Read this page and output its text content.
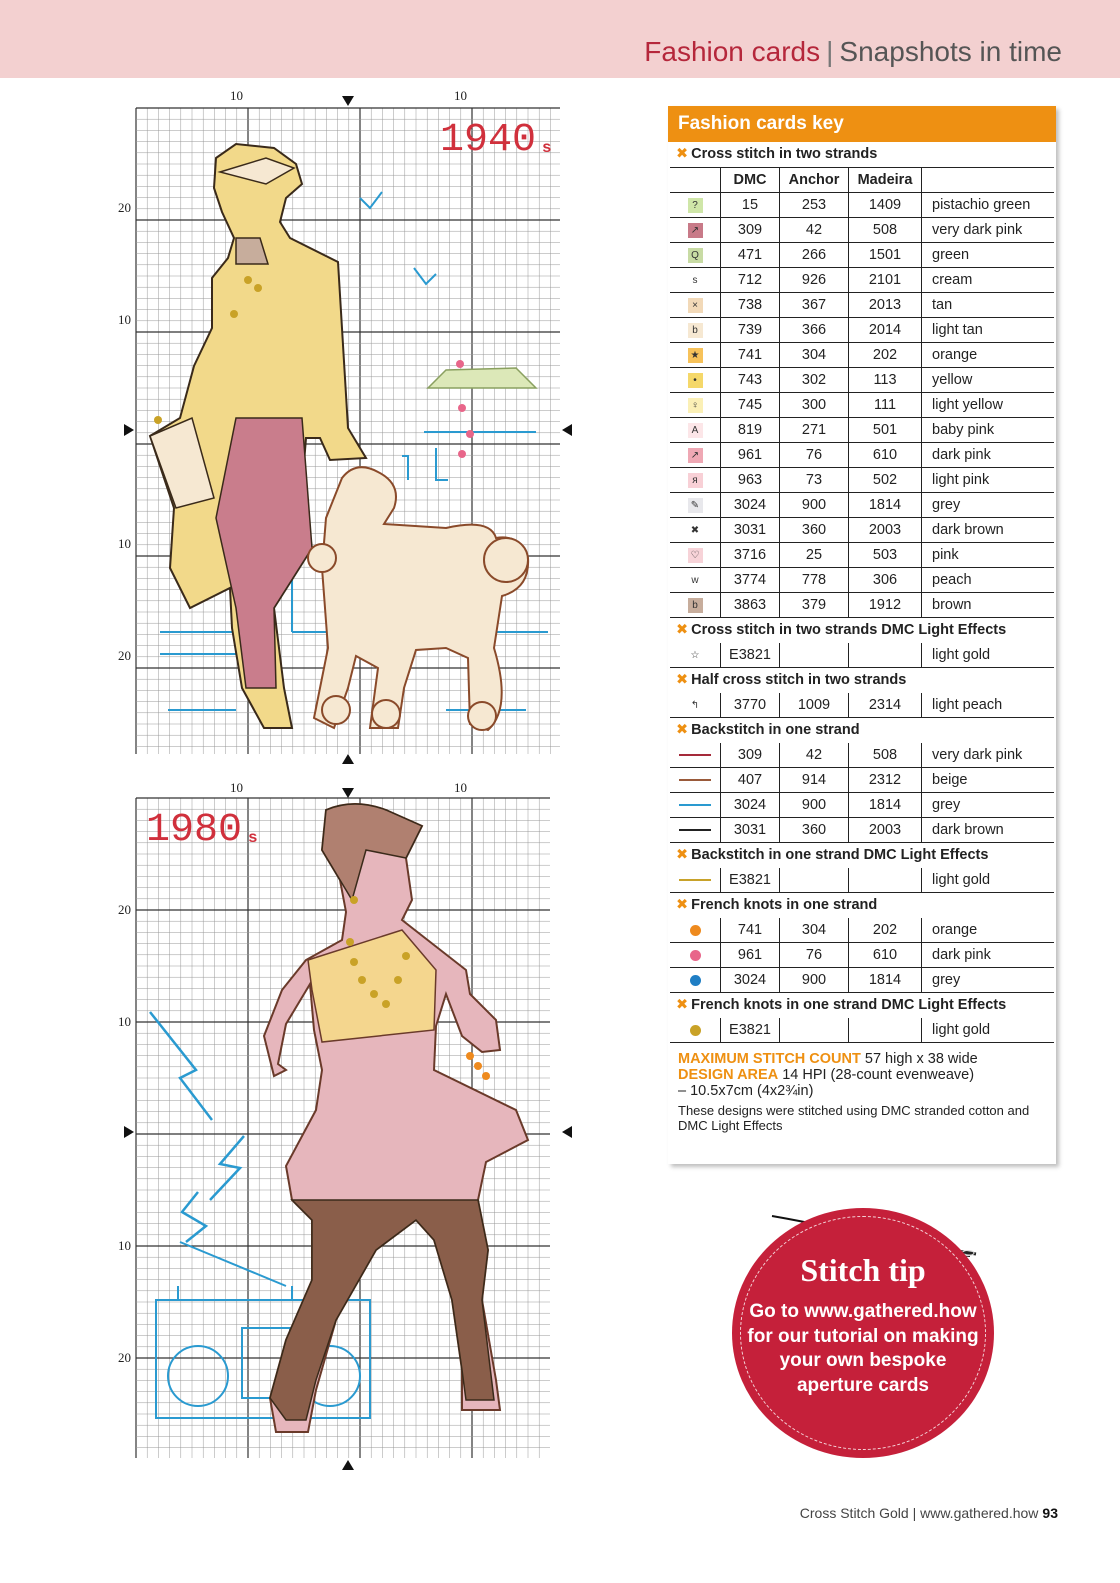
Fashion cards | Snapshots in time
1940 s
10	10
20
10
10
20
1980 s
10	10
20
10
10
20
Fashion cards key
✖ Cross stitch in two strands
	DMC	Anchor	Madeira	
?	15	253	1409	pistachio green
↗	309	42	508	very dark pink
Q	471	266	1501	green
s	712	926	2101	cream
×	738	367	2013	tan
b	739	366	2014	light tan
★	741	304	202	orange
•	743	302	113	yellow
♀	745	300	111	light yellow
A	819	271	501	baby pink
↗	961	76	610	dark pink
я	963	73	502	light pink
✎	3024	900	1814	grey
✖	3031	360	2003	dark brown
♡	3716	25	503	pink
w	3774	778	306	peach
b	3863	379	1912	brown
✖ Cross stitch in two strands DMC Light Effects
☆	E3821			light gold
✖ Half cross stitch in two strands
↰	3770	1009	2314	light peach
✖ Backstitch in one strand
	309	42	508	very dark pink
	407	914	2312	beige
	3024	900	1814	grey
	3031	360	2003	dark brown
✖ Backstitch in one strand DMC Light Effects
	E3821			light gold
✖ French knots in one strand
	741	304	202	orange
	961	76	610	dark pink
	3024	900	1814	grey
✖ French knots in one strand DMC Light Effects
	E3821			light gold
MAXIMUM STITCH COUNT 57 high x 38 wide
DESIGN AREA 14 HPI (28-count evenweave)
– 10.5x7cm (4x2¾in)
These designs were stitched using DMC stranded cotton and DMC Light Effects
Stitch tip
Go to www.gathered.how for our tutorial on making your own bespoke aperture cards
Cross Stitch Gold | www.gathered.how 93
